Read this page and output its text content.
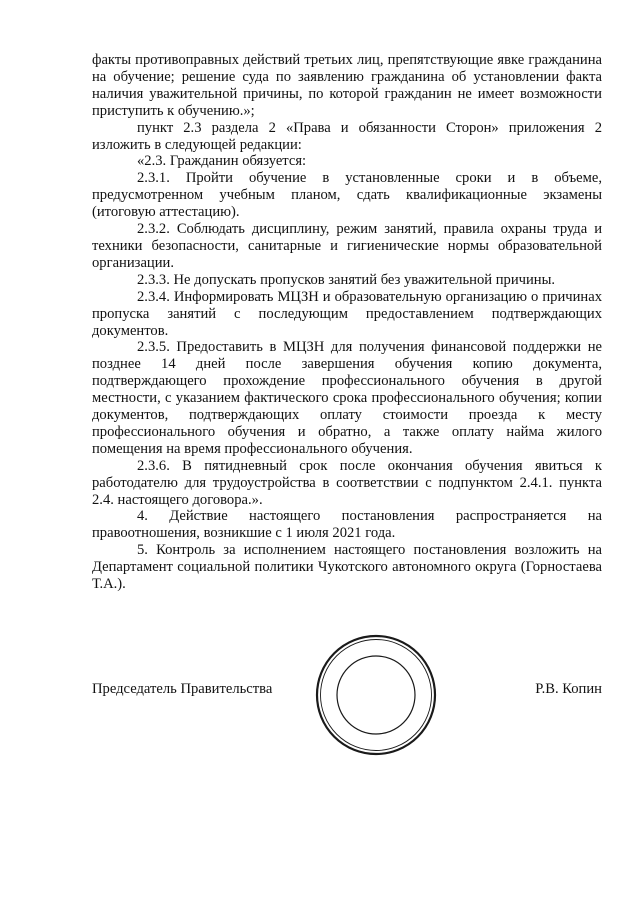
факты противоправных действий третьих лиц, препятствующие явке гражданина на обучение; решение суда по заявлению гражданина об установлении факта наличия уважительной причины, по которой гражданин не имеет возможности приступить к обучению.»;

пункт 2.3 раздела 2 «Права и обязанности Сторон» приложения 2 изложить в следующей редакции:

«2.3. Гражданин обязуется:

2.3.1. Пройти обучение в установленные сроки и в объеме, предусмотренном учебным планом, сдать квалификационные экзамены (итоговую аттестацию).

2.3.2. Соблюдать дисциплину, режим занятий, правила охраны труда и техники безопасности, санитарные и гигиенические нормы образовательной организации.

2.3.3. Не допускать пропусков занятий без уважительной причины.

2.3.4. Информировать МЦЗН и образовательную организацию о причинах пропуска занятий с последующим предоставлением подтверждающих документов.

2.3.5. Предоставить в МЦЗН для получения финансовой поддержки не позднее 14 дней после завершения обучения копию документа, подтверждающего прохождение профессионального обучения в другой местности, с указанием фактического срока профессионального обучения; копии документов, подтверждающих оплату стоимости проезда к месту профессионального обучения и обратно, а также оплату найма жилого помещения на время профессионального обучения.

2.3.6. В пятидневный срок после окончания обучения явиться к работодателю для трудоустройства в соответствии с подпунктом 2.4.1. пункта 2.4. настоящего договора.».

4. Действие настоящего постановления распространяется на правоотношения, возникшие с 1 июля 2021 года.

5. Контроль за исполнением настоящего постановления возложить на Департамент социальной политики Чукотского автономного округа (Горностаева Т.А.).

Председатель Правительства	Р.В. Копин
